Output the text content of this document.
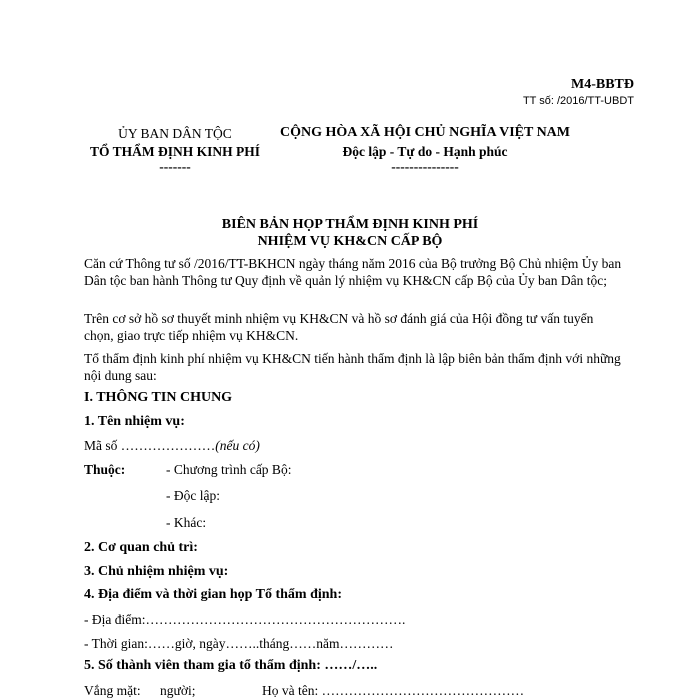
M4-BBTĐ
TT số: /2016/TT-UBDT
ỦY BAN DÂN TỘC
TỔ THẨM ĐỊNH KINH PHÍ
-------
CỘNG HÒA XÃ HỘI CHỦ NGHĨA VIỆT NAM
Độc lập - Tự do - Hạnh phúc
---------------
BIÊN BẢN HỌP THẨM ĐỊNH KINH PHÍ
NHIỆM VỤ KH&CN CẤP BỘ
Căn cứ Thông tư số /2016/TT-BKHCN ngày tháng năm 2016 của Bộ trưởng Bộ Chủ nhiệm Ủy ban Dân tộc ban hành Thông tư Quy định về quản lý nhiệm vụ KH&CN cấp Bộ của Ủy ban Dân tộc;
Trên cơ sở hồ sơ thuyết minh nhiệm vụ KH&CN và hồ sơ đánh giá của Hội đồng tư vấn tuyển chọn, giao trực tiếp nhiệm vụ KH&CN.
Tổ thẩm định kinh phí nhiệm vụ KH&CN tiến hành thẩm định là lập biên bản thẩm định với những nội dung sau:
I. THÔNG TIN CHUNG
1. Tên nhiệm vụ:
Mã số …………………(nếu có)
Thuộc:	- Chương trình cấp Bộ:
- Độc lập:
- Khác:
2. Cơ quan chủ trì:
3. Chủ nhiệm nhiệm vụ:
4. Địa điểm và thời gian họp Tổ thẩm định:
- Địa điểm:………………………………………………….
- Thời gian:……giờ, ngày……..tháng……năm…………
5. Số thành viên tham gia tổ thẩm định: ……/…..
Vắng mặt: người;	Họ và tên: ………………………………………
